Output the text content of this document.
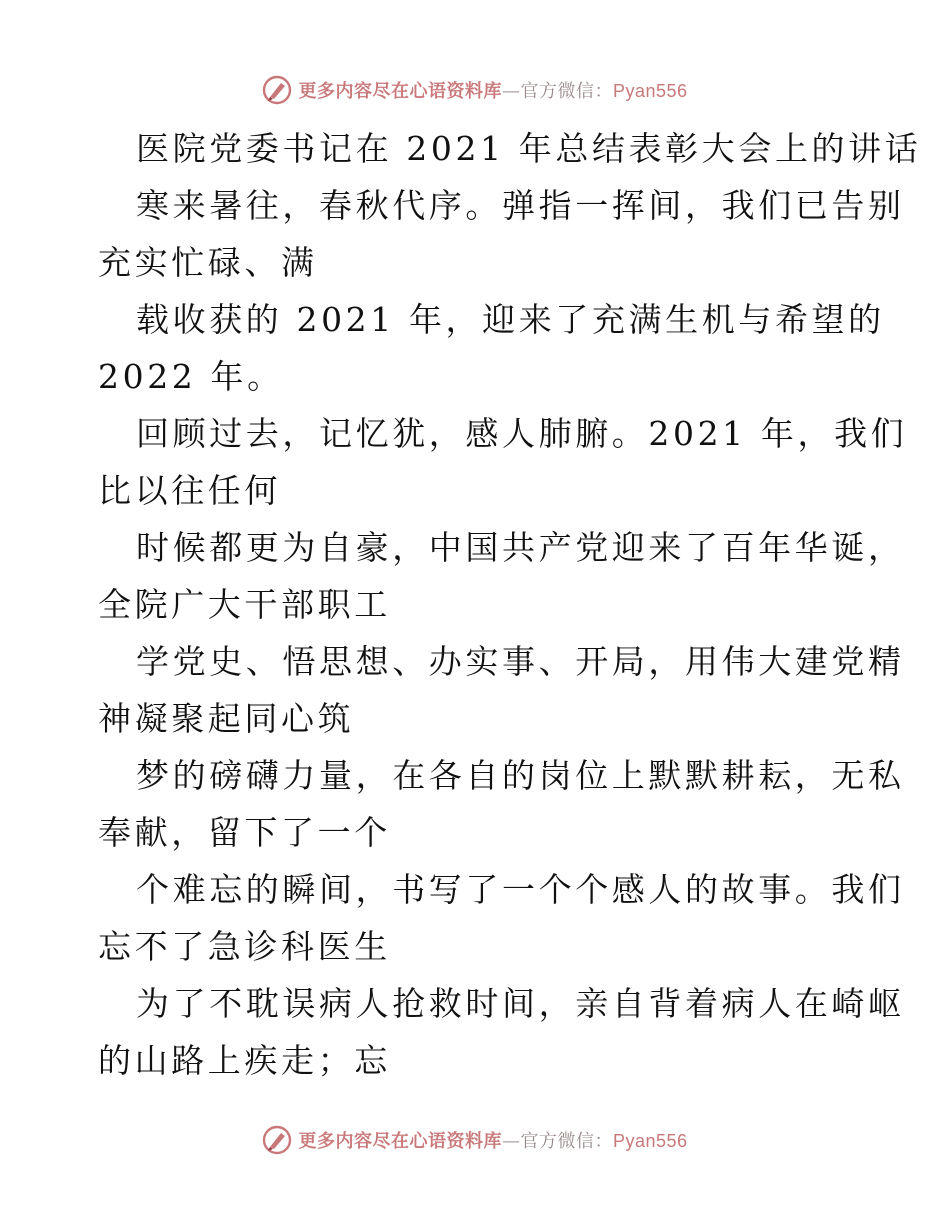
更多内容尽在心语资料库—官方微信：Pyan556
医院党委书记在 2021 年总结表彰大会上的讲话
寒来暑往，春秋代序。弹指一挥间，我们已告别
充实忙碌、满
载收获的 2021 年，迎来了充满生机与希望的
2022 年。
回顾过去，记忆犹，感人肺腑。2021 年，我们
比以往任何
时候都更为自豪，中国共产党迎来了百年华诞，
全院广大干部职工
学党史、悟思想、办实事、开局，用伟大建党精
神凝聚起同心筑
梦的磅礴力量，在各自的岗位上默默耕耘，无私
奉献，留下了一个
个难忘的瞬间，书写了一个个感人的故事。我们
忘不了急诊科医生
为了不耽误病人抢救时间，亲自背着病人在崎岖
的山路上疾走；忘
更多内容尽在心语资料库—官方微信：Pyan556
